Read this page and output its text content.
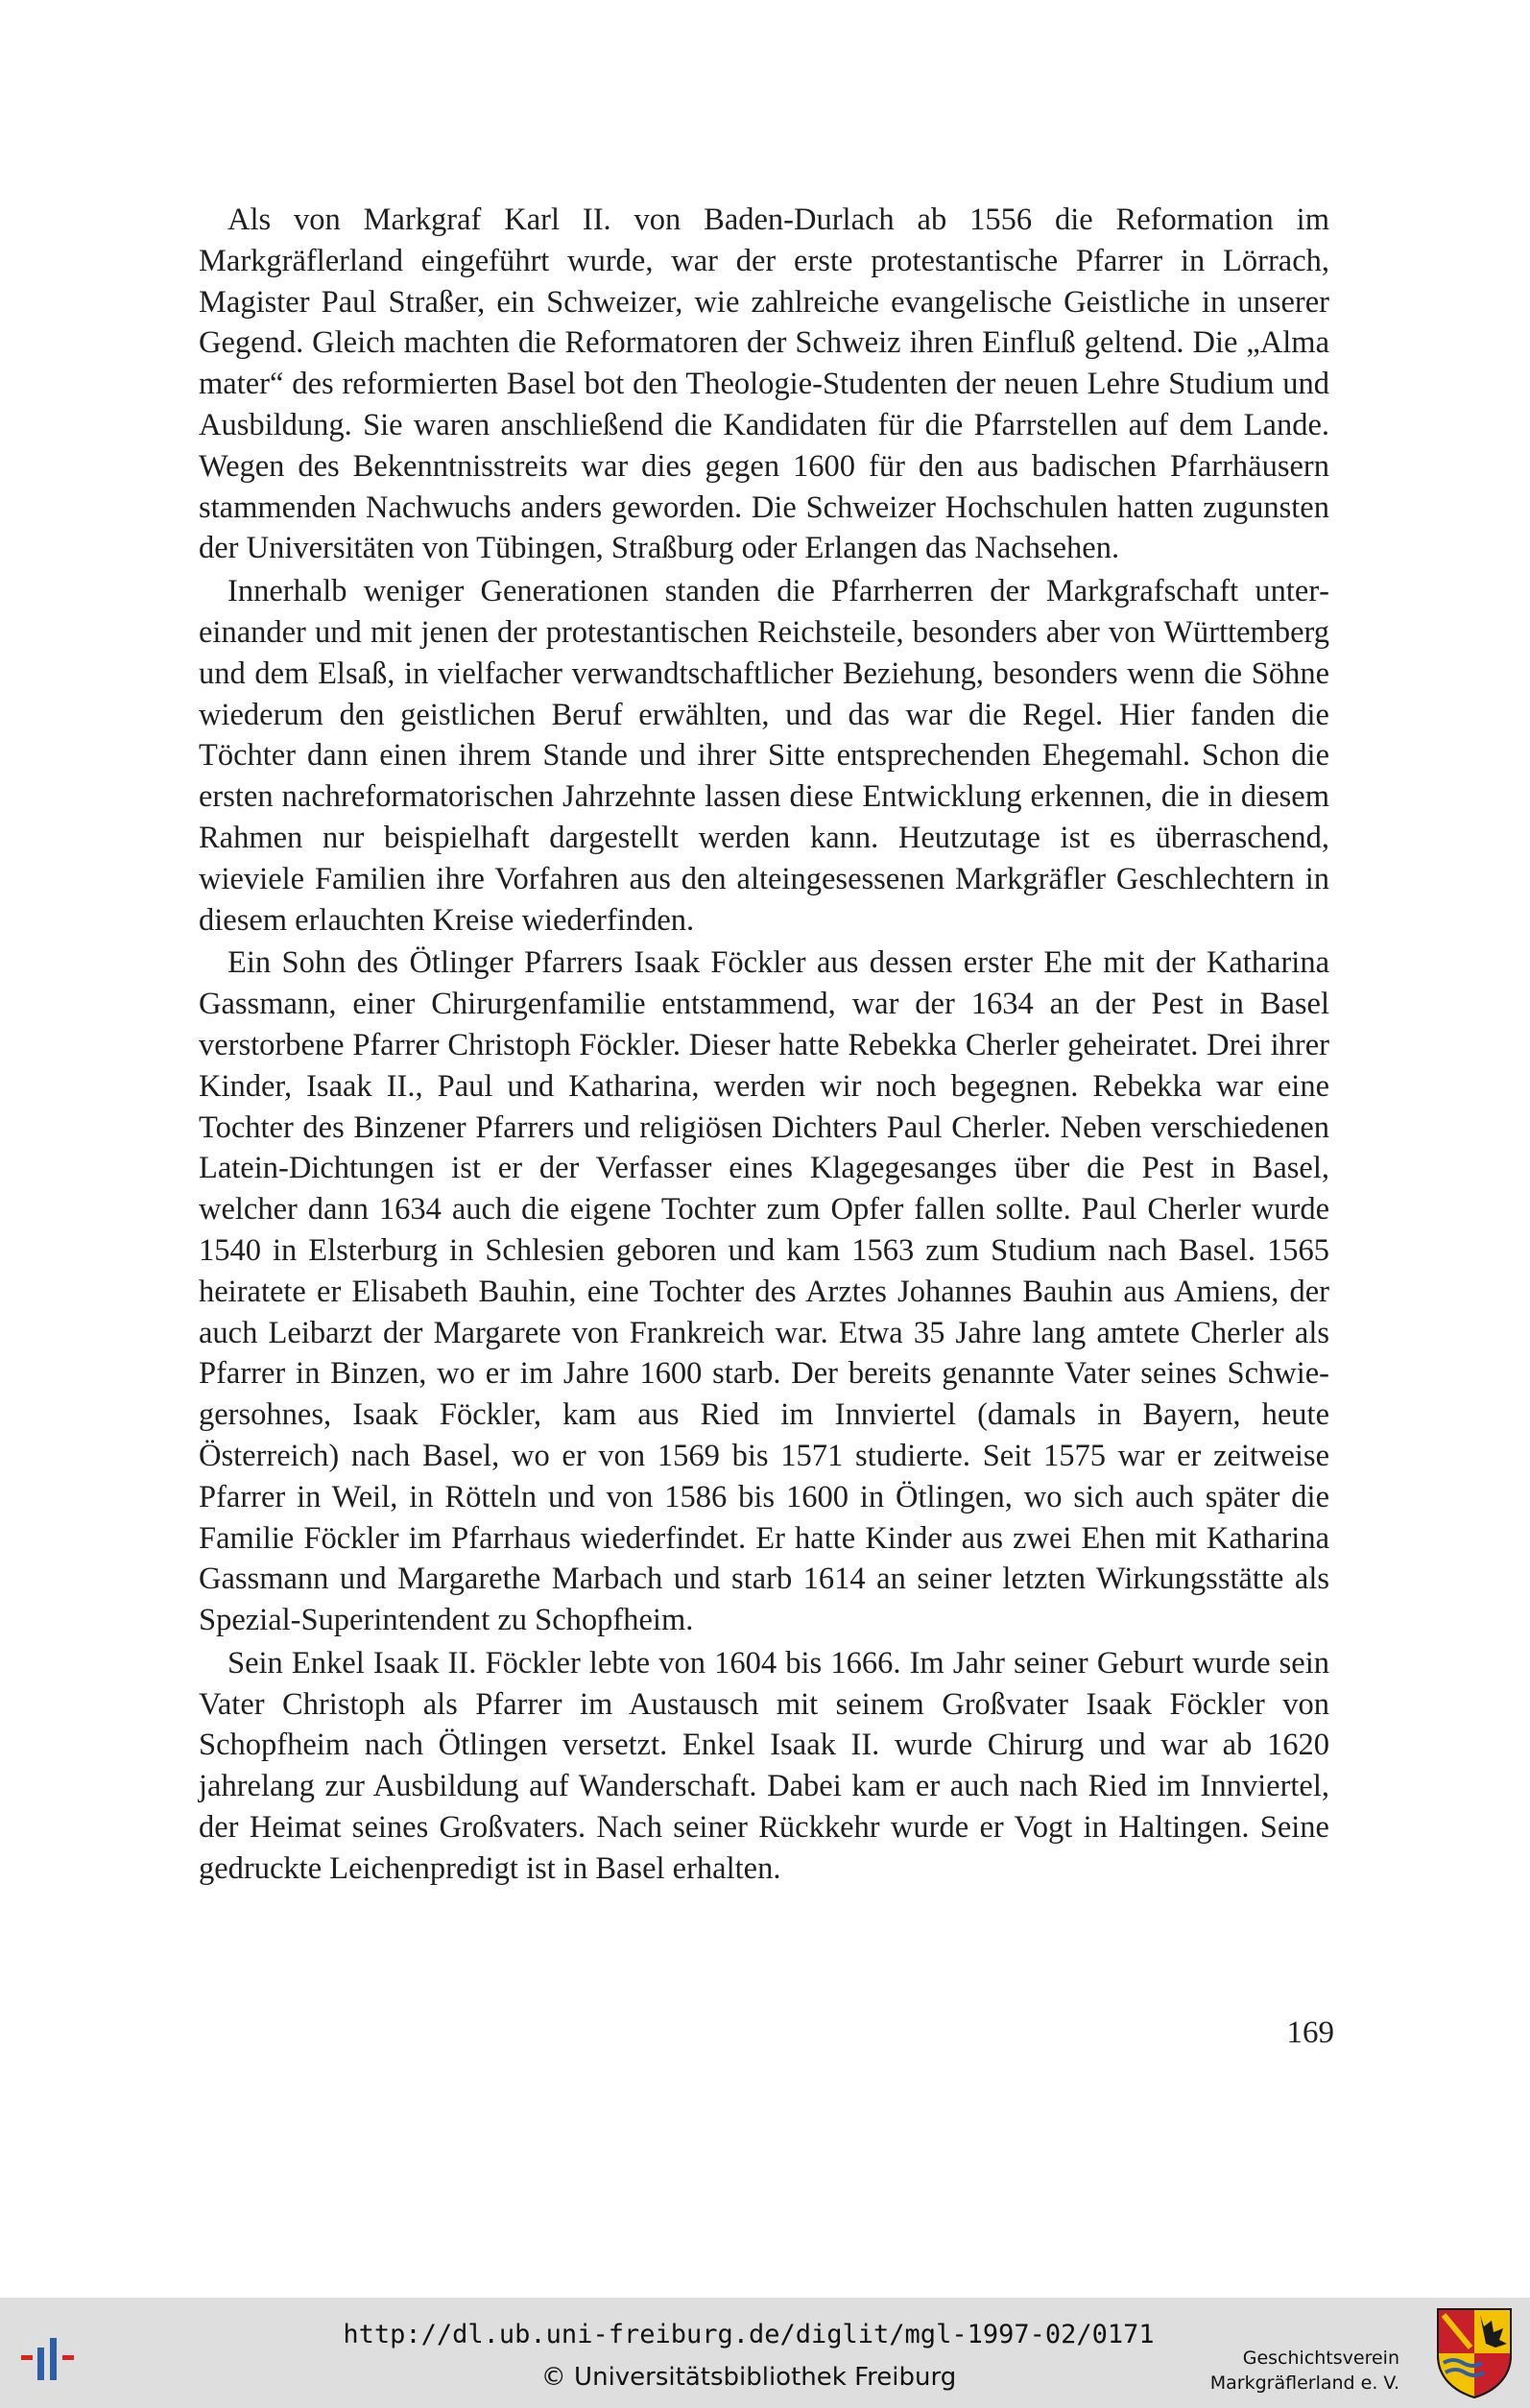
Als von Markgraf Karl II. von Baden-Durlach ab 1556 die Reformation im Markgräflerland eingeführt wurde, war der erste protestantische Pfarrer in Lörrach, Magister Paul Straßer, ein Schweizer, wie zahlreiche evangelische Geistliche in unserer Gegend. Gleich machten die Reformatoren der Schweiz ihren Einfluß geltend. Die „Alma mater“ des reformierten Basel bot den Theologie-Studenten der neuen Lehre Studium und Ausbildung. Sie waren anschließend die Kandidaten für die Pfarrstellen auf dem Lande. Wegen des Bekenntnisstreits war dies gegen 1600 für den aus badischen Pfarrhäusern stammenden Nachwuchs anders geworden. Die Schweizer Hochschulen hatten zugunsten der Universitäten von Tübingen, Straßburg oder Erlangen das Nachsehen.

Innerhalb weniger Generationen standen die Pfarrherren der Markgrafschaft untereinander und mit jenen der protestantischen Reichsteile, besonders aber von Württemberg und dem Elsaß, in vielfacher verwandtschaftlicher Beziehung, besonders wenn die Söhne wiederum den geistlichen Beruf erwählten, und das war die Regel. Hier fanden die Töchter dann einen ihrem Stande und ihrer Sitte entsprechenden Ehegemahl. Schon die ersten nachreformatorischen Jahrzehnte lassen diese Entwicklung erkennen, die in diesem Rahmen nur beispielhaft dargestellt werden kann. Heutzutage ist es überraschend, wieviele Familien ihre Vorfahren aus den alteingesessenen Markgräfler Geschlechtern in diesem erlauchten Kreise wiederfinden.

Ein Sohn des Ötlinger Pfarrers Isaak Föckler aus dessen erster Ehe mit der Katharina Gassmann, einer Chirurgenfamilie entstammend, war der 1634 an der Pest in Basel verstorbene Pfarrer Christoph Föckler. Dieser hatte Rebekka Cherler geheiratet. Drei ihrer Kinder, Isaak II., Paul und Katharina, werden wir noch begegnen. Rebekka war eine Tochter des Binzener Pfarrers und religiösen Dichters Paul Cherler. Neben verschiedenen Latein-Dichtungen ist er der Verfasser eines Klagegesanges über die Pest in Basel, welcher dann 1634 auch die eigene Tochter zum Opfer fallen sollte. Paul Cherler wurde 1540 in Elsterburg in Schlesien geboren und kam 1563 zum Studium nach Basel. 1565 heiratete er Elisabeth Bauhin, eine Tochter des Arztes Johannes Bauhin aus Amiens, der auch Leibarzt der Margarete von Frankreich war. Etwa 35 Jahre lang amtete Cherler als Pfarrer in Binzen, wo er im Jahre 1600 starb. Der bereits genannte Vater seines Schwiegersohnes, Isaak Föckler, kam aus Ried im Innviertel (damals in Bayern, heute Österreich) nach Basel, wo er von 1569 bis 1571 studierte. Seit 1575 war er zeitweise Pfarrer in Weil, in Rötteln und von 1586 bis 1600 in Ötlingen, wo sich auch später die Familie Föckler im Pfarrhaus wiederfindet. Er hatte Kinder aus zwei Ehen mit Katharina Gassmann und Margarethe Marbach und starb 1614 an seiner letzten Wirkungsstätte als Spezial-Superintendent zu Schopfheim.

Sein Enkel Isaak II. Föckler lebte von 1604 bis 1666. Im Jahr seiner Geburt wurde sein Vater Christoph als Pfarrer im Austausch mit seinem Großvater Isaak Föckler von Schopfheim nach Ötlingen versetzt. Enkel Isaak II. wurde Chirurg und war ab 1620 jahrelang zur Ausbildung auf Wanderschaft. Dabei kam er auch nach Ried im Innviertel, der Heimat seines Großvaters. Nach seiner Rückkehr wurde er Vogt in Haltingen. Seine gedruckte Leichenpredigt ist in Basel erhalten.

169
http://dl.ub.uni-freiburg.de/diglit/mgl-1997-02/0171
© Universitätsbibliothek Freiburg
Geschichtsverein
Markgräflerland e. V.
